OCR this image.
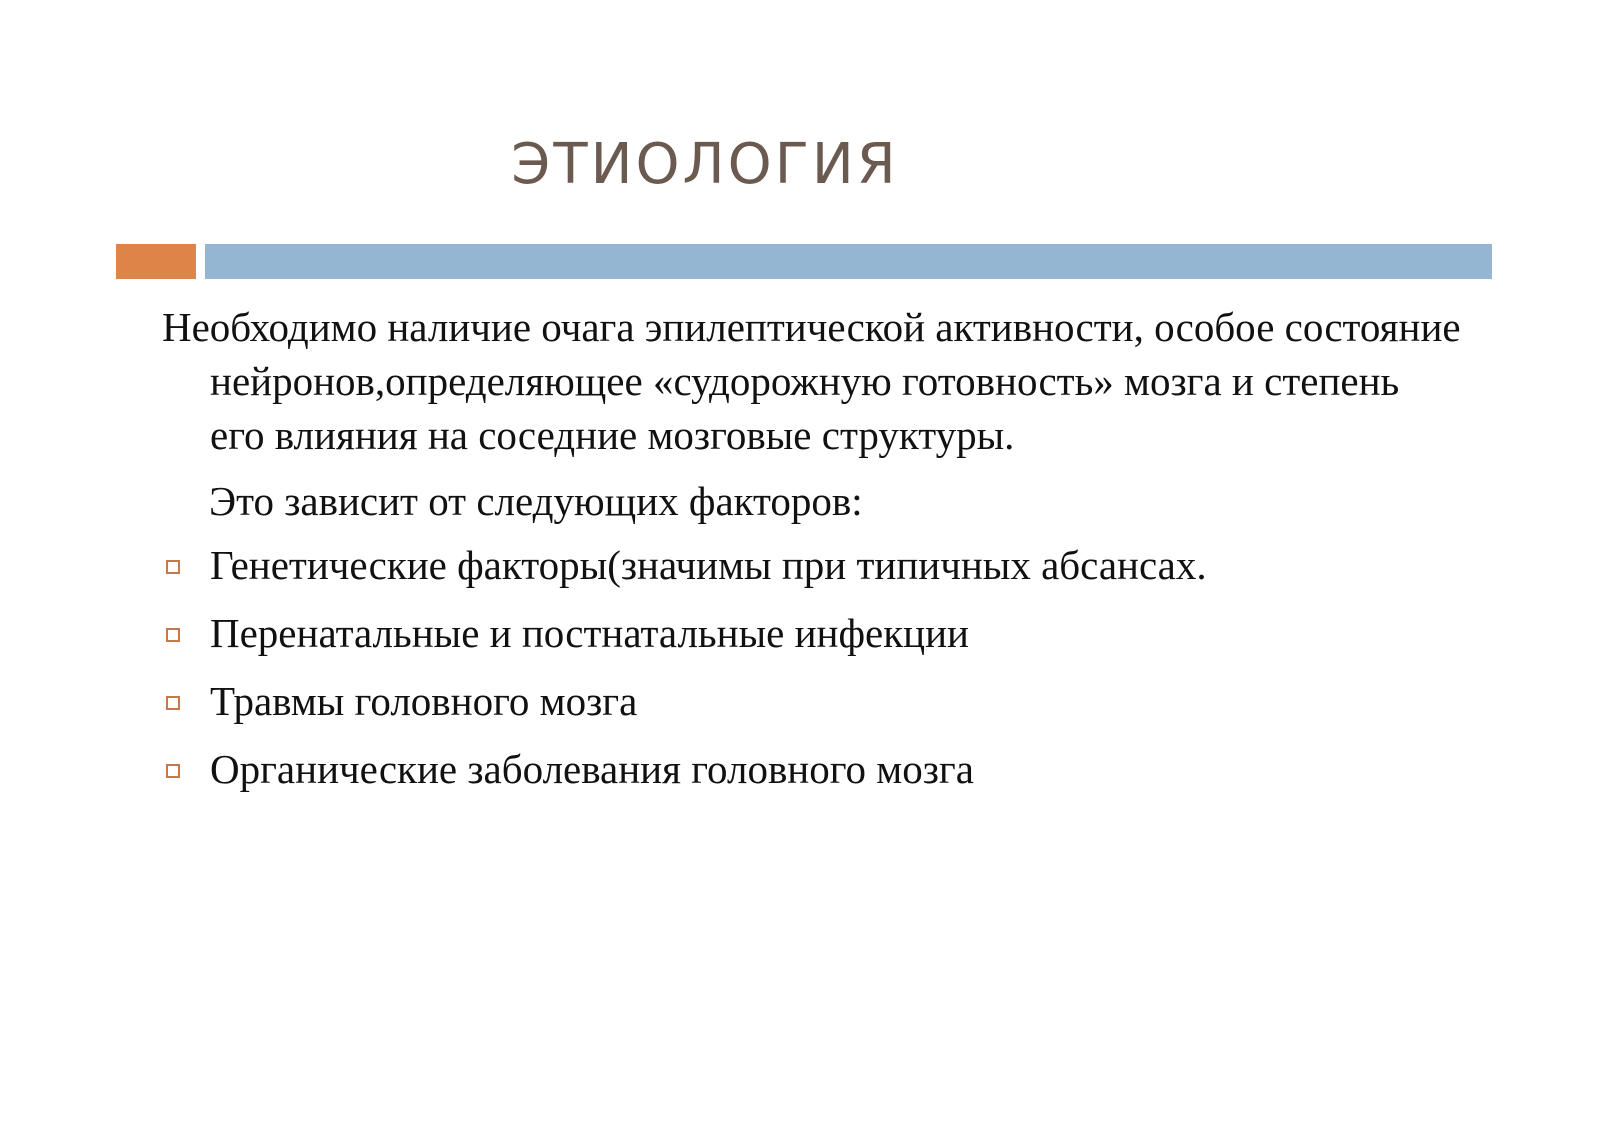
ЭТИОЛОГИЯ

Необходимо наличие очага эпилептической активности, особое состояние нейронов,определяющее «судорожную готовность» мозга и степень его влияния на соседние мозговые структуры.

Это зависит от следующих факторов:

Генетические факторы(значимы при типичных абсансах.
Перенатальные и постнатальные инфекции
Травмы головного мозга
Органические заболевания головного мозга
